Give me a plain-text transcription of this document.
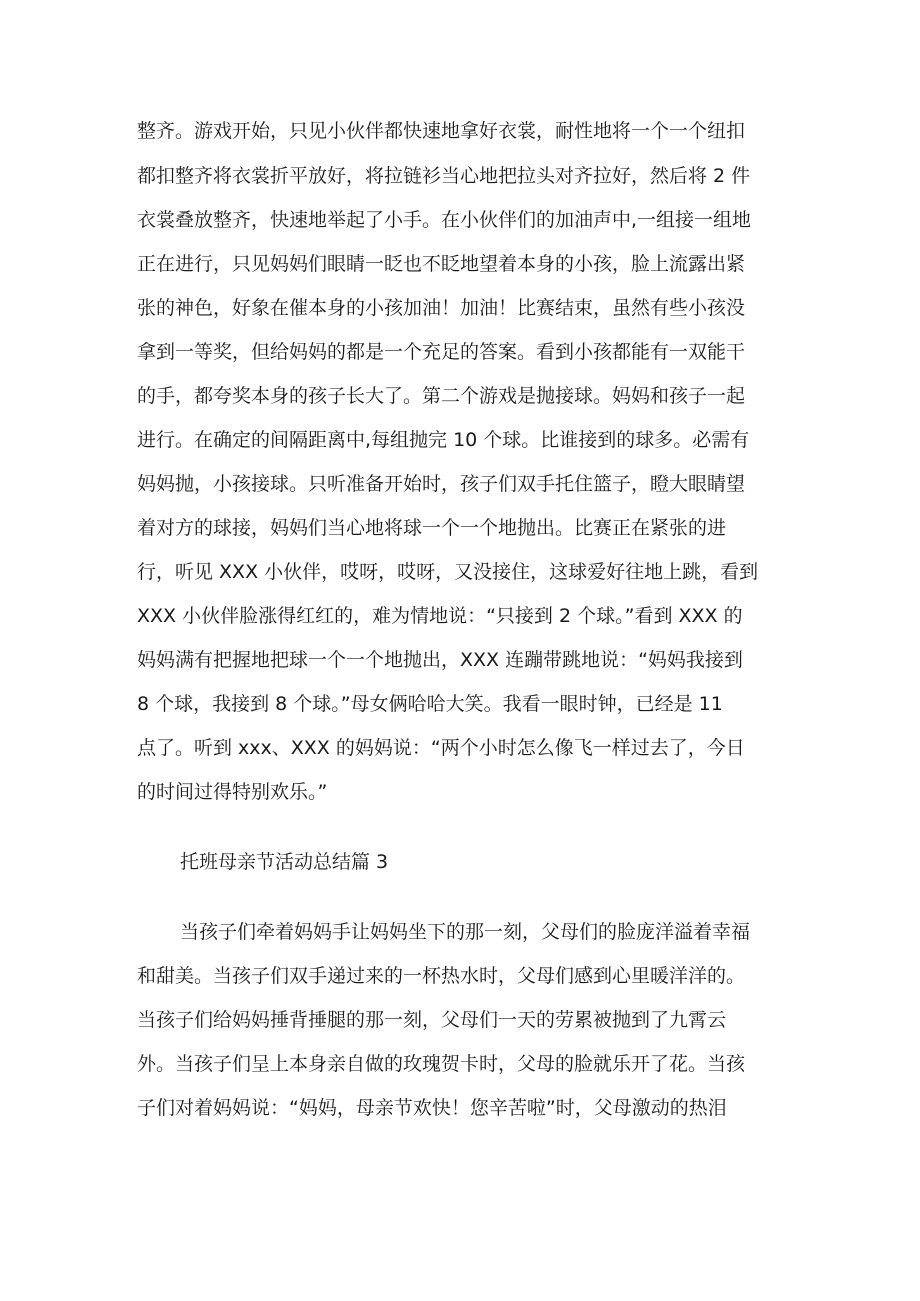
整齐。游戏开始，只见小伙伴都快速地拿好衣裳，耐性地将一个一个纽扣
都扣整齐将衣裳折平放好，将拉链衫当心地把拉头对齐拉好，然后将 2 件
衣裳叠放整齐，快速地举起了小手。在小伙伴们的加油声中,一组接一组地
正在进行，只见妈妈们眼睛一眨也不眨地望着本身的小孩，脸上流露出紧
张的神色，好象在催本身的小孩加油！加油！比赛结束，虽然有些小孩没
拿到一等奖，但给妈妈的都是一个充足的答案。看到小孩都能有一双能干
的手，都夸奖本身的孩子长大了。第二个游戏是抛接球。妈妈和孩子一起
进行。在确定的间隔距离中,每组抛完 10 个球。比谁接到的球多。必需有
妈妈抛，小孩接球。只听准备开始时，孩子们双手托住篮子，瞪大眼睛望
着对方的球接，妈妈们当心地将球一个一个地抛出。比赛正在紧张的进
行，听见 XXX 小伙伴，哎呀，哎呀，又没接住，这球爱好往地上跳，看到
XXX 小伙伴脸涨得红红的，难为情地说：“只接到 2 个球。”看到 XXX 的
妈妈满有把握地把球一个一个地抛出，XXX 连蹦带跳地说：“妈妈我接到
8 个球，我接到 8 个球。”母女俩哈哈大笑。我看一眼时钟，已经是 11
点了。听到 xxx、XXX 的妈妈说：“两个小时怎么像飞一样过去了，今日
的时间过得特别欢乐。”
托班母亲节活动总结篇 3
当孩子们牵着妈妈手让妈妈坐下的那一刻，父母们的脸庞洋溢着幸福
和甜美。当孩子们双手递过来的一杯热水时，父母们感到心里暖洋洋的。
当孩子们给妈妈捶背捶腿的那一刻，父母们一天的劳累被抛到了九霄云
外。当孩子们呈上本身亲自做的玫瑰贺卡时，父母的脸就乐开了花。当孩
子们对着妈妈说：“妈妈，母亲节欢快！您辛苦啦”时，父母激动的热泪
